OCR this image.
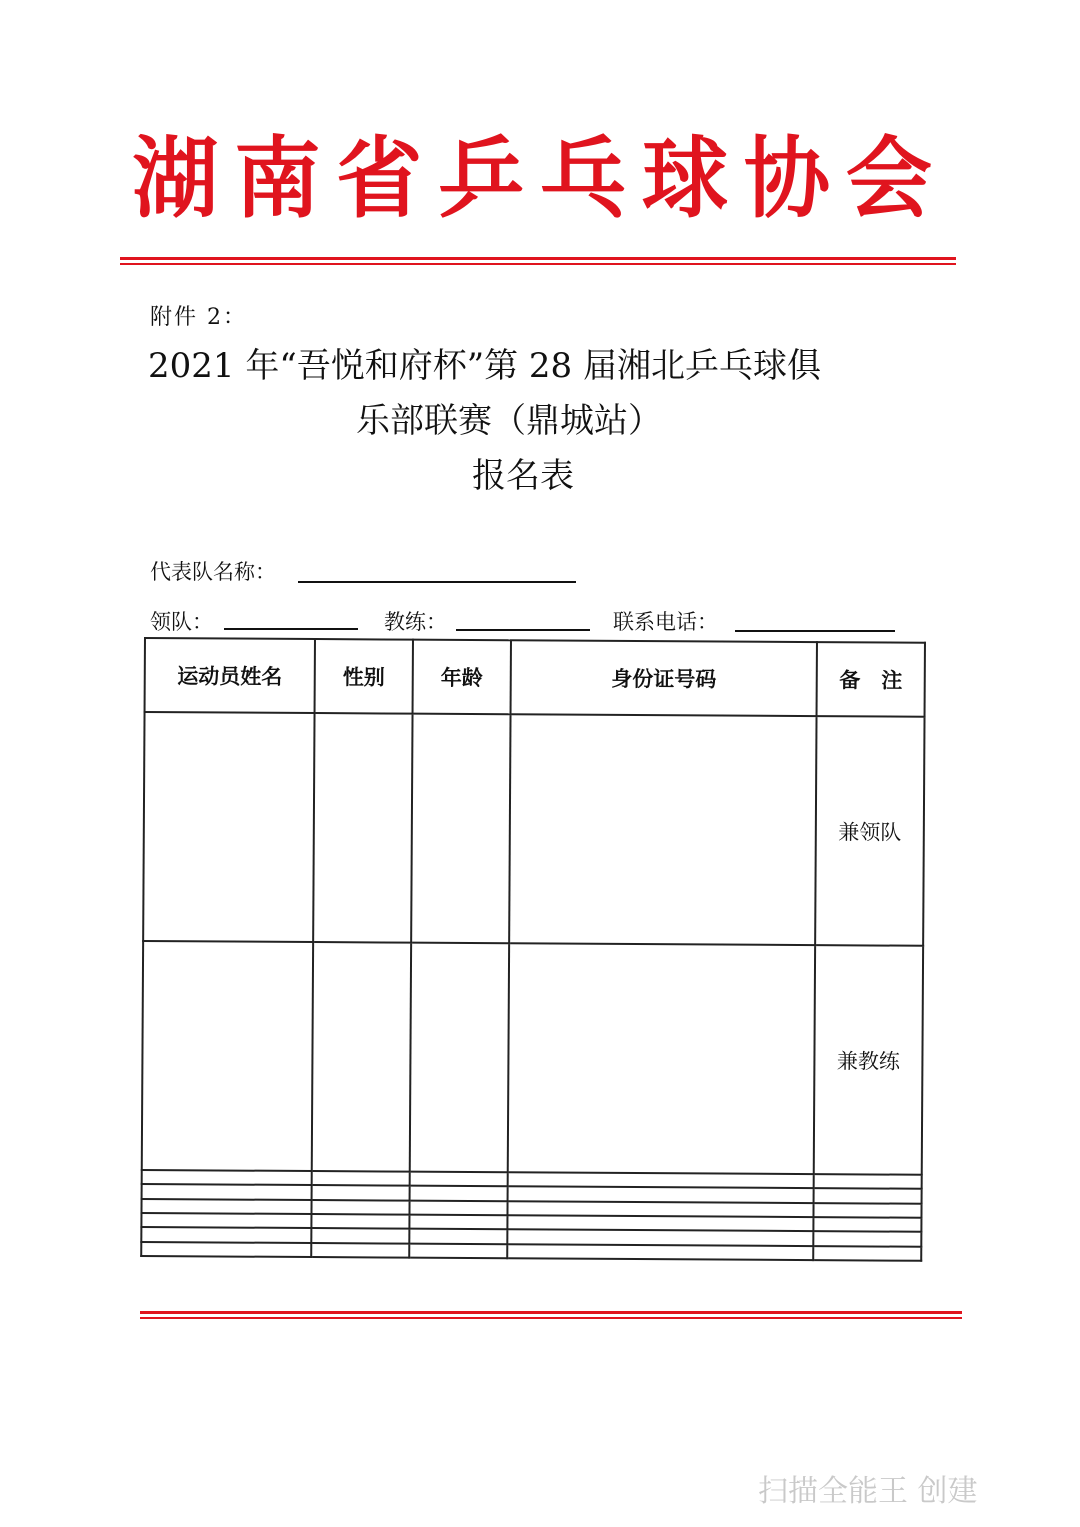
湖南省乒乓球协会
附件 2：
2021 年“吾悦和府杯”第 28 届湘北乒乓球俱
乐部联赛（鼎城站）
报名表
代表队名称：
领队：	教练：	联系电话：
运动员姓名	性别	年龄	身份证号码	备　注
				兼领队
				兼教练

扫描全能王 创建
